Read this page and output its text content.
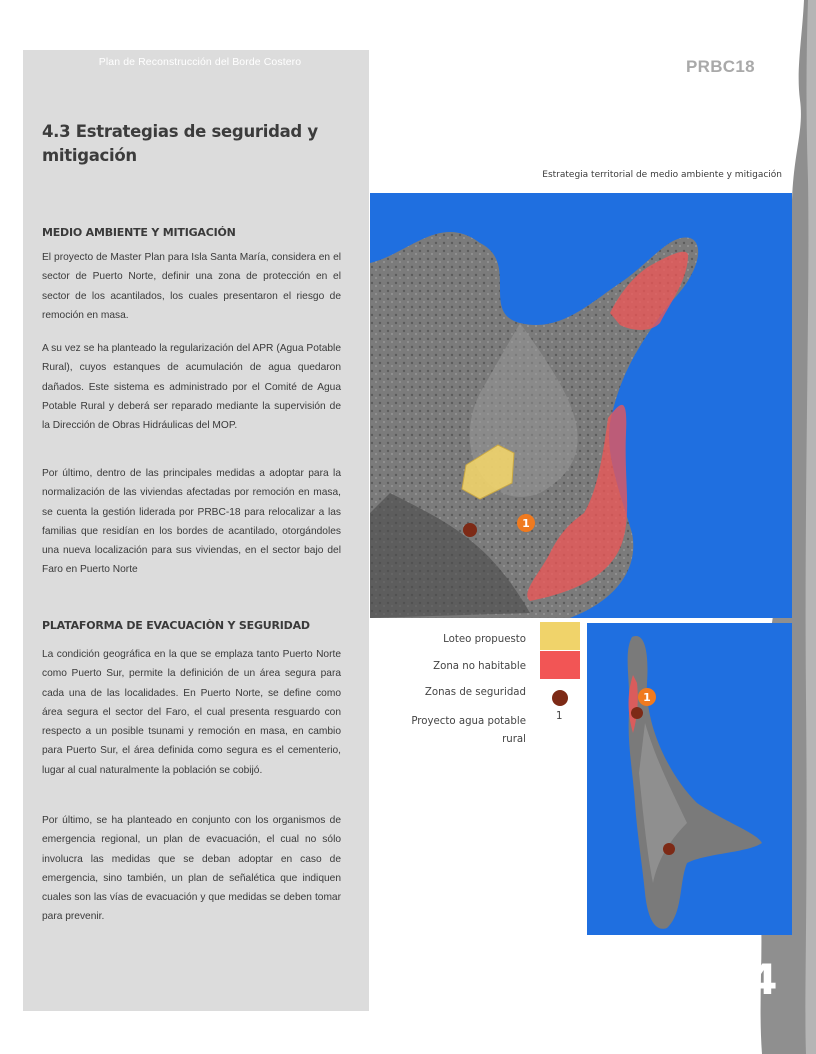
Plan de Reconstrucción del Borde Costero	PRBC18
4.3 Estrategias de seguridad y
mitigación
MEDIO AMBIENTE Y MITIGACIÓN

El proyecto de Master Plan para Isla Santa María, considera en el sector de Puerto Norte, definir una zona de protección en el sector de los acantilados, los cuales presentaron el riesgo de remoción en masa.

A su vez se ha planteado la regularización del APR (Agua Potable Rural), cuyos estanques de acumulación de agua quedaron dañados. Este sistema es administrado por el Comité de Agua Potable Rural y deberá ser reparado mediante la supervisión de la Dirección de Obras Hidráulicas del MOP.

Por último, dentro de las principales medidas a adoptar para la normalización de las viviendas afectadas por remoción en masa, se cuenta la gestión liderada por PRBC-18 para relocalizar a las familias que residían en los bordes de acantilado, otorgándoles una nueva localización para sus viviendas, en el sector bajo del Faro en Puerto Norte

PLATAFORMA DE EVACUACIÒN Y SEGURIDAD

La condición geográfica en la que se emplaza tanto Puerto Norte como Puerto Sur, permite la definición de un área segura para cada una de las localidades. En Puerto Norte, se define como área segura el sector del Faro, el cual presenta resguardo con respecto a un posible tsunami y remoción en masa, en cambio para Puerto Sur, el área definida como segura es el cementerio, lugar al cual naturalmente la población se cobijó.

Por último, se ha planteado en conjunto con los organismos de emergencia regional, un plan de evacuación, el cual no sólo involucra las medidas que se deban adoptar en caso de emergencia, sino también, un plan de señalética que indiquen cuales son las vías de evacuación y que medidas se deben tomar para prevenir.

Estrategia territorial de medio ambiente y mitigación
1
Loteo propuesto
Zona no habitable
Zonas de seguridad
Proyecto agua potable
rural
1
1
24
